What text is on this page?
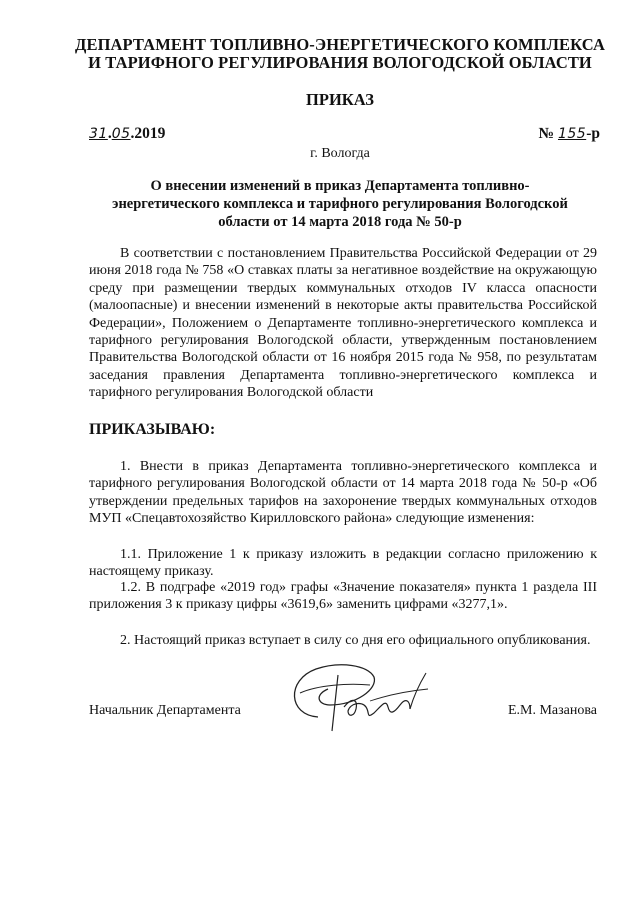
ДЕПАРТАМЕНТ ТОПЛИВНО-ЭНЕРГЕТИЧЕСКОГО КОМПЛЕКСА
И ТАРИФНОГО РЕГУЛИРОВАНИЯ ВОЛОГОДСКОЙ ОБЛАСТИ
ПРИКАЗ
31.05.2019	№ 155-р
г. Вологда
О внесении изменений в приказ Департамента топливно-
энергетического комплекса и тарифного регулирования Вологодской
области от 14 марта 2018 года № 50-р
В соответствии с постановлением Правительства Российской Федерации от 29 июня 2018 года № 758 «О ставках платы за негативное воздействие на окружающую среду при размещении твердых коммунальных отходов IV класса опасности (малоопасные) и внесении изменений в некоторые акты правительства Российской Федерации», Положением о Департаменте топливно-энергетического комплекса и тарифного регулирования Вологодской области, утвержденным постановлением Правительства Вологодской области от 16 ноября 2015 года № 958, по результатам заседания правления Департамента топливно-энергетического комплекса и тарифного регулирования Вологодской области
ПРИКАЗЫВАЮ:
1. Внести в приказ Департамента топливно-энергетического комплекса и тарифного регулирования Вологодской области от 14 марта 2018 года № 50-р «Об утверждении предельных тарифов на захоронение твердых коммунальных отходов МУП «Спецавтохозяйство Кирилловского района» следующие изменения:
1.1. Приложение 1 к приказу изложить в редакции согласно приложению к настоящему приказу.
1.2. В подграфе «2019 год» графы «Значение показателя» пункта 1 раздела III приложения 3 к приказу цифры «3619,6» заменить цифрами «3277,1».
2. Настоящий приказ вступает в силу со дня его официального опубликования.
Начальник Департамента	Е.М. Мазанова
